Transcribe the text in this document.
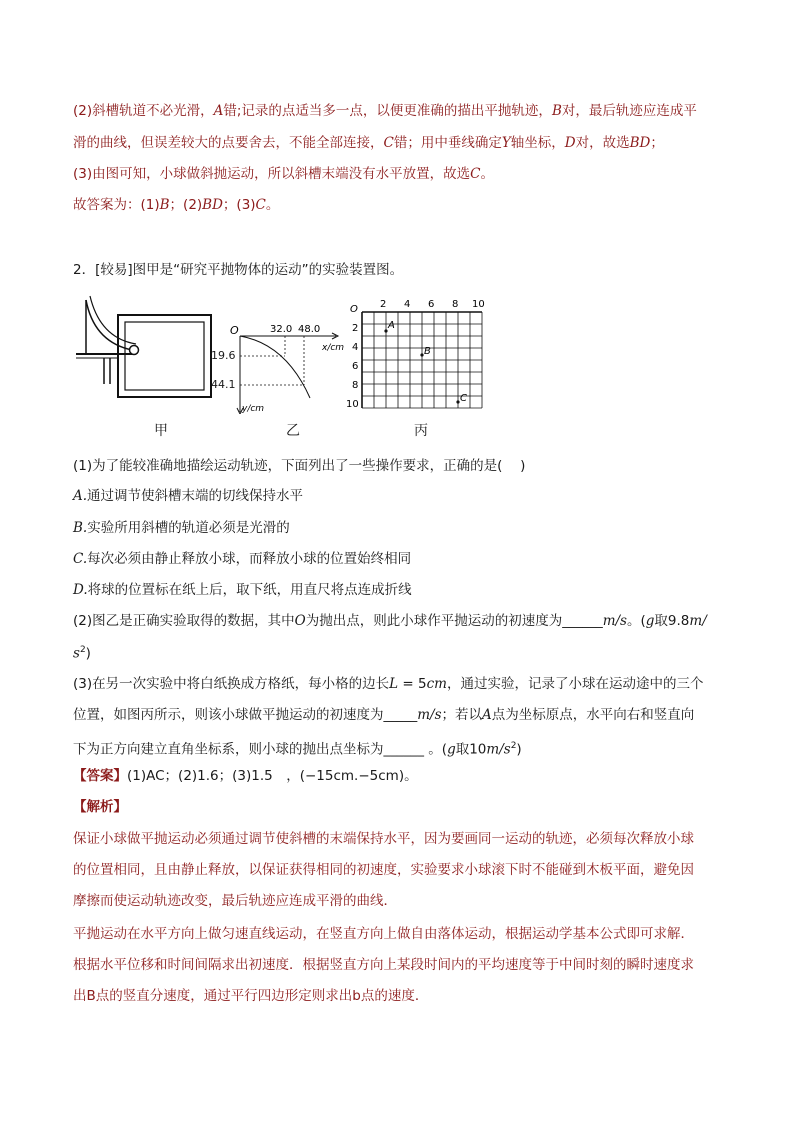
(2)斜槽轨道不必光滑，A错;记录的点适当多一点，以便更准确的描出平抛轨迹，B对，最后轨迹应连成平
滑的曲线，但误差较大的点要舍去，不能全部连接，C错；用中垂线确定Y轴坐标，D对，故选BD；
(3)由图可知，小球做斜抛运动，所以斜槽末端没有水平放置，故选C。
故答案为：(1)B；(2)BD；(3)C。
2．[较易]图甲是“研究平抛物体的运动”的实验装置图。
甲
O	32.0 48.0
x/cm
y/cm
19.6
44.1
乙
O 2 4 6 8 10
2
4
6
8
10
A
B
C
丙
(1)为了能较准确地描绘运动轨迹，下面列出了一些操作要求，正确的是(　 )
A.通过调节使斜槽末端的切线保持水平
B.实验所用斜槽的轨道必须是光滑的
C.每次必须由静止释放小球，而释放小球的位置始终相同
D.将球的位置标在纸上后，取下纸，用直尺将点连成折线
(2)图乙是正确实验取得的数据，其中O为抛出点，则此小球作平抛运动的初速度为______m/s。(g取9.8m/
$s^2$)
(3)在另一次实验中将白纸换成方格纸，每小格的边长L = 5cm，通过实验，记录了小球在运动途中的三个
位置，如图丙所示，则该小球做平抛运动的初速度为_____m/s；若以A点为坐标原点，水平向右和竖直向
下为正方向建立直角坐标系，则小球的抛出点坐标为______ 。(g取$10m/s^2$)
【答案】(1)AC；(2)1.6；(3)1.5　，(−15cm.−5cm)。
【解析】
保证小球做平抛运动必须通过调节使斜槽的末端保持水平，因为要画同一运动的轨迹，必须每次释放小球
的位置相同，且由静止释放，以保证获得相同的初速度，实验要求小球滚下时不能碰到木板平面，避免因
摩擦而使运动轨迹改变，最后轨迹应连成平滑的曲线．
平抛运动在水平方向上做匀速直线运动，在竖直方向上做自由落体运动，根据运动学基本公式即可求解．
根据水平位移和时间间隔求出初速度．根据竖直方向上某段时间内的平均速度等于中间时刻的瞬时速度求
出B点的竖直分速度，通过平行四边形定则求出b点的速度．
